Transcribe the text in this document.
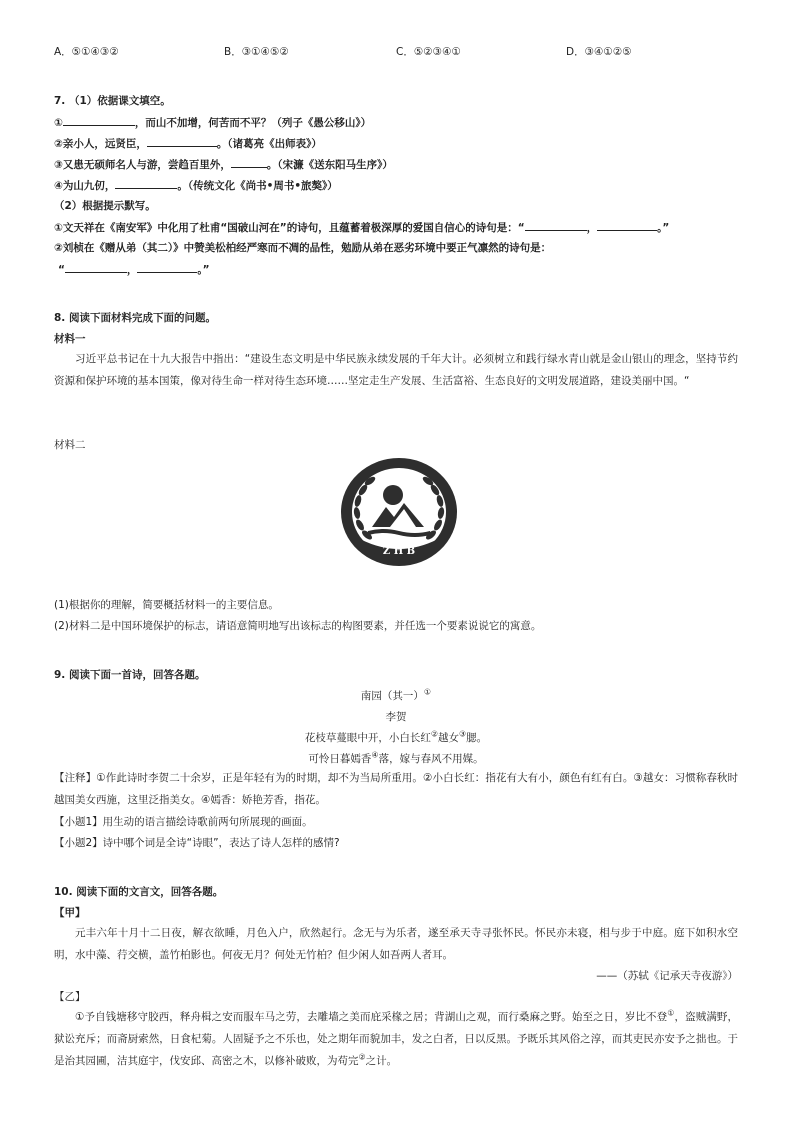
A．⑤①④③②	B．③①④⑤②	C．⑤②③④①	D．③④①②⑤
7. （1）依据课文填空。
①	，而山不加增，何苦而不平？（列子《愚公移山》）
②亲小人，远贤臣，	。（诸葛亮《出师表》）
③又患无硕师名人与游，尝趋百里外，	。（宋濂《送东阳马生序》）
④为山九仞，	。（传统文化《尚书•周书•旅獒》）
（2）根据提示默写。
①文天祥在《南安军》中化用了杜甫“国破山河在”的诗句，且蕴蓄着极深厚的爱国自信心的诗句是：“	，	。”
②刘桢在《赠从弟（其二）》中赞美松柏经严寒而不凋的品性，勉励从弟在恶劣环境中要正气凛然的诗句是：
“	，	。”
8. 阅读下面材料完成下面的问题。
材料一
习近平总书记在十九大报告中指出：“建设生态文明是中华民族永续发展的千年大计。必须树立和践行绿水青山就是金山银山的理念，坚持节约资源和保护环境的基本国策，像对待生命一样对待生态环境……坚定走生产发展、生活富裕、生态良好的文明发展道路，建设美丽中国。“
材料二
Z H B
(1)根据你的理解，简要概括材料一的主要信息。
(2)材料二是中国环境保护的标志，请语意简明地写出该标志的构图要素，并任选一个要素说说它的寓意。
9. 阅读下面一首诗，回答各题。
南园（其一）①
李贺
花枝草蔓眼中开，小白长红②越女③腮。
可怜日暮嫣香④落，嫁与春风不用媒。
【注释】①作此诗时李贺二十余岁，正是年轻有为的时期，却不为当局所重用。②小白长红：指花有大有小，颜色有红有白。③越女：习惯称春秋时越国美女西施，这里泛指美女。④嫣香：娇艳芳香，指花。
【小题1】用生动的语言描绘诗歌前两句所展现的画面。
【小题2】诗中哪个词是全诗“诗眼”，表达了诗人怎样的感情?
10. 阅读下面的文言文，回答各题。
【甲】
元丰六年十月十二日夜，解衣欲睡，月色入户，欣然起行。念无与为乐者，遂至承天寺寻张怀民。怀民亦未寝，相与步于中庭。庭下如积水空明，水中藻、荇交横，盖竹柏影也。何夜无月？何处无竹柏？但少闲人如吾两人者耳。
——（苏轼《记承天寺夜游》）
【乙】
①予自钱塘移守胶西，释舟楫之安而服车马之劳，去雕墙之美而庇采椽之居；背湖山之观，而行桑麻之野。始至之日，岁比不登①，盗贼满野，狱讼充斥；而斋厨索然，日食杞菊。人固疑予之不乐也，处之期年而貌加丰，发之白者，日以反黑。予既乐其风俗之淳，而其吏民亦安予之拙也。于是治其园圃，洁其庭宇，伐安邱、高密之木，以修补破败，为苟完②之计。
